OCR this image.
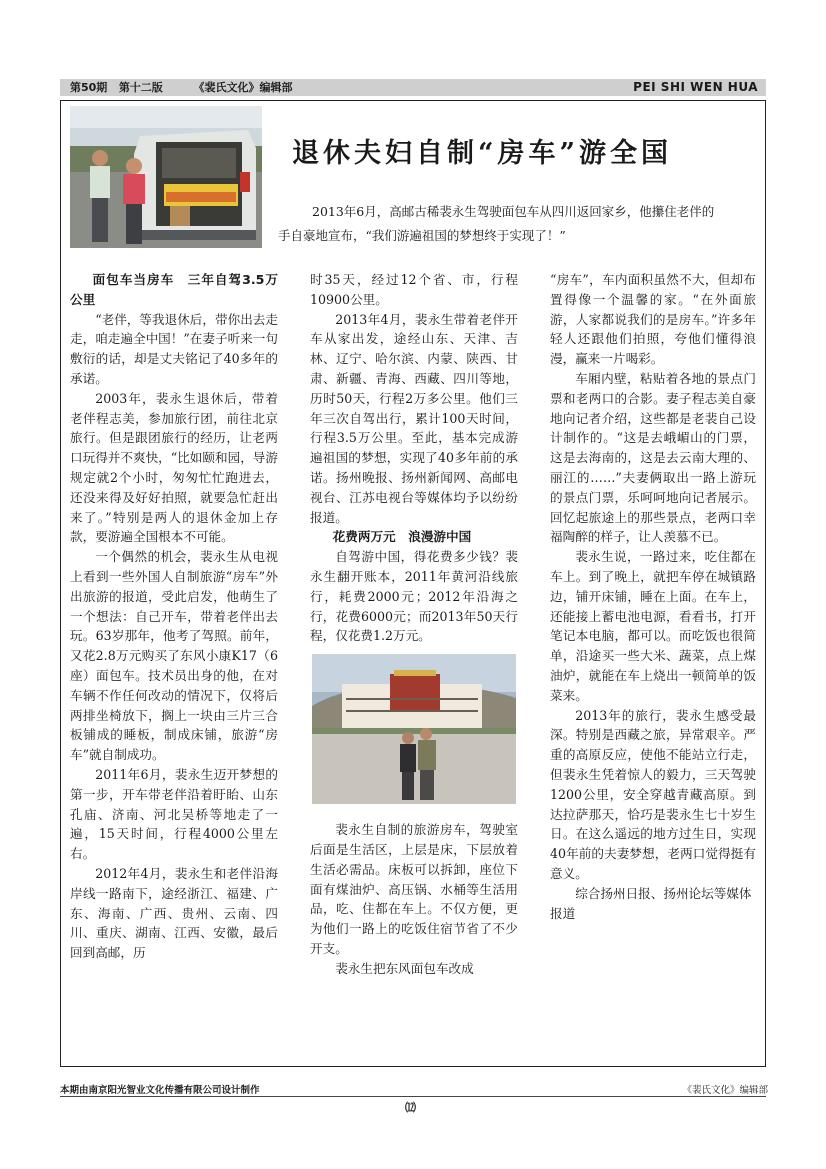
第50期 第十二版	《裴氏文化》编辑部	PEI SHI WEN HUA
退休夫妇自制“房车”游全国
2013年6月，高邮古稀裴永生驾驶面包车从四川返回家乡，他攥住老伴的手自豪地宣布，“我们游遍祖国的梦想终于实现了！”
面包车当房车　三年自驾3.5万公里

“老伴，等我退休后，带你出去走走，咱走遍全中国！”在妻子听来一句敷衍的话，却是丈夫铭记了40多年的承诺。

2003年，裴永生退休后，带着老伴程志美，参加旅行团，前往北京旅行。但是跟团旅行的经历，让老两口玩得并不爽快，“比如颐和园，导游规定就2个小时，匆匆忙忙跑进去，还没来得及好好拍照，就要急忙赶出来了。”特别是两人的退休金加上存款，要游遍全国根本不可能。

一个偶然的机会，裴永生从电视上看到一些外国人自制旅游“房车”外出旅游的报道，受此启发，他萌生了一个想法：自己开车，带着老伴出去玩。63岁那年，他考了驾照。前年，又花2.8万元购买了东风小康K17（6座）面包车。技术员出身的他，在对车辆不作任何改动的情况下，仅将后两排坐椅放下，搁上一块由三片三合板铺成的睡板，制成床铺，旅游“房车”就自制成功。

2011年6月，裴永生迈开梦想的第一步，开车带老伴沿着盱眙、山东孔庙、济南、河北吴桥等地走了一遍，15天时间，行程4000公里左右。

2012年4月，裴永生和老伴沿海岸线一路南下，途经浙江、福建、广东、海南、广西、贵州、云南、四川、重庆、湖南、江西、安徽，最后回到高邮，历

时35天，经过12个省、市，行程10900公里。

2013年4月，裴永生带着老伴开车从家出发，途经山东、天津、吉林、辽宁、哈尔滨、内蒙、陕西、甘肃、新疆、青海、西藏、四川等地，历时50天，行程2万多公里。他们三年三次自驾出行，累计100天时间，行程3.5万公里。至此，基本完成游遍祖国的梦想，实现了40多年前的承诺。扬州晚报、扬州新闻网、高邮电视台、江苏电视台等媒体均予以纷纷报道。

花费两万元　浪漫游中国

自驾游中国，得花费多少钱？裴永生翻开账本，2011年黄河沿线旅行，耗费2000元；2012年沿海之行，花费6000元；而2013年50天行程，仅花费1.2万元。

裴永生自制的旅游房车，驾驶室后面是生活区，上层是床，下层放着生活必需品。床板可以拆卸，座位下面有煤油炉、高压锅、水桶等生活用品，吃、住都在车上。不仅方便，更为他们一路上的吃饭住宿节省了不少开支。

裴永生把东风面包车改成

“房车”，车内面积虽然不大，但却布置得像一个温馨的家。“在外面旅游，人家都说我们的是房车。”许多年轻人还跟他们拍照，夸他们懂得浪漫，赢来一片喝彩。

车厢内壁，粘贴着各地的景点门票和老两口的合影。妻子程志美自豪地向记者介绍，这些都是老裴自己设计制作的。“这是去峨嵋山的门票，这是去海南的，这是去云南大理的、丽江的……”夫妻俩取出一路上游玩的景点门票，乐呵呵地向记者展示。回忆起旅途上的那些景点，老两口幸福陶醉的样子，让人羡慕不已。

裴永生说，一路过来，吃住都在车上。到了晚上，就把车停在城镇路边，铺开床铺，睡在上面。在车上，还能接上蓄电池电源，看看书，打开笔记本电脑，都可以。而吃饭也很简单，沿途买一些大米、蔬菜，点上煤油炉，就能在车上烧出一顿简单的饭菜来。

2013年的旅行，裴永生感受最深。特别是西藏之旅，异常艰辛。严重的高原反应，使他不能站立行走，但裴永生凭着惊人的毅力，三天驾驶1200公里，安全穿越青藏高原。到达拉萨那天，恰巧是裴永生七十岁生日。在这么遥远的地方过生日，实现40年前的夫妻梦想，老两口觉得挺有意义。

综合扬州日报、扬州论坛等媒体报道

本期由南京阳光智业文化传播有限公司设计制作	《裴氏文化》编辑部
⑿
